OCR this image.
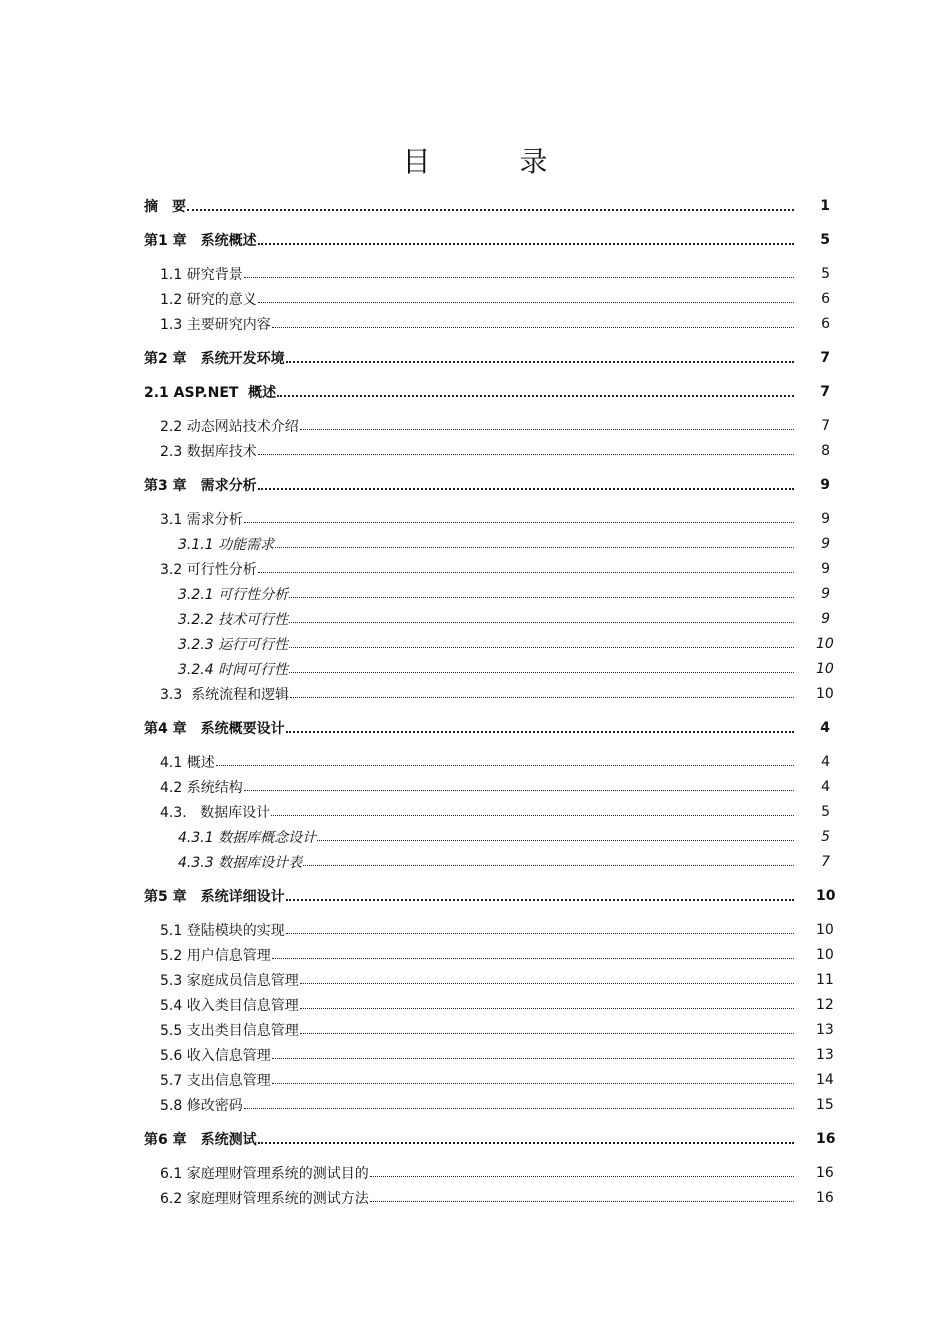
目 录
摘　要	1
第1 章　系统概述	5
1.1 研究背景	5
1.2 研究的意义	6
1.3 主要研究内容	6
第2 章　系统开发环境	7
2.1 ASP.NET  概述	7
2.2 动态网站技术介绍	7
2.3 数据库技术	8
第3 章　需求分析	9
3.1 需求分析	9
3.1.1 功能需求	9
3.2 可行性分析	9
3.2.1 可行性分析	9
3.2.2 技术可行性	9
3.2.3 运行可行性	10
3.2.4 时间可行性	10
3.3  系统流程和逻辑	10
第4 章　系统概要设计	4
4.1 概述	4
4.2 系统结构	4
4.3.   数据库设计	5
4.3.1 数据库概念设计	5
4.3.3 数据库设计表	7
第5 章　系统详细设计	10
5.1 登陆模块的实现	10
5.2 用户信息管理	10
5.3 家庭成员信息管理	11
5.4 收入类目信息管理	12
5.5 支出类目信息管理	13
5.6 收入信息管理	13
5.7 支出信息管理	14
5.8 修改密码	15
第6 章　系统测试	16
6.1 家庭理财管理系统的测试目的	16
6.2 家庭理财管理系统的测试方法	16
